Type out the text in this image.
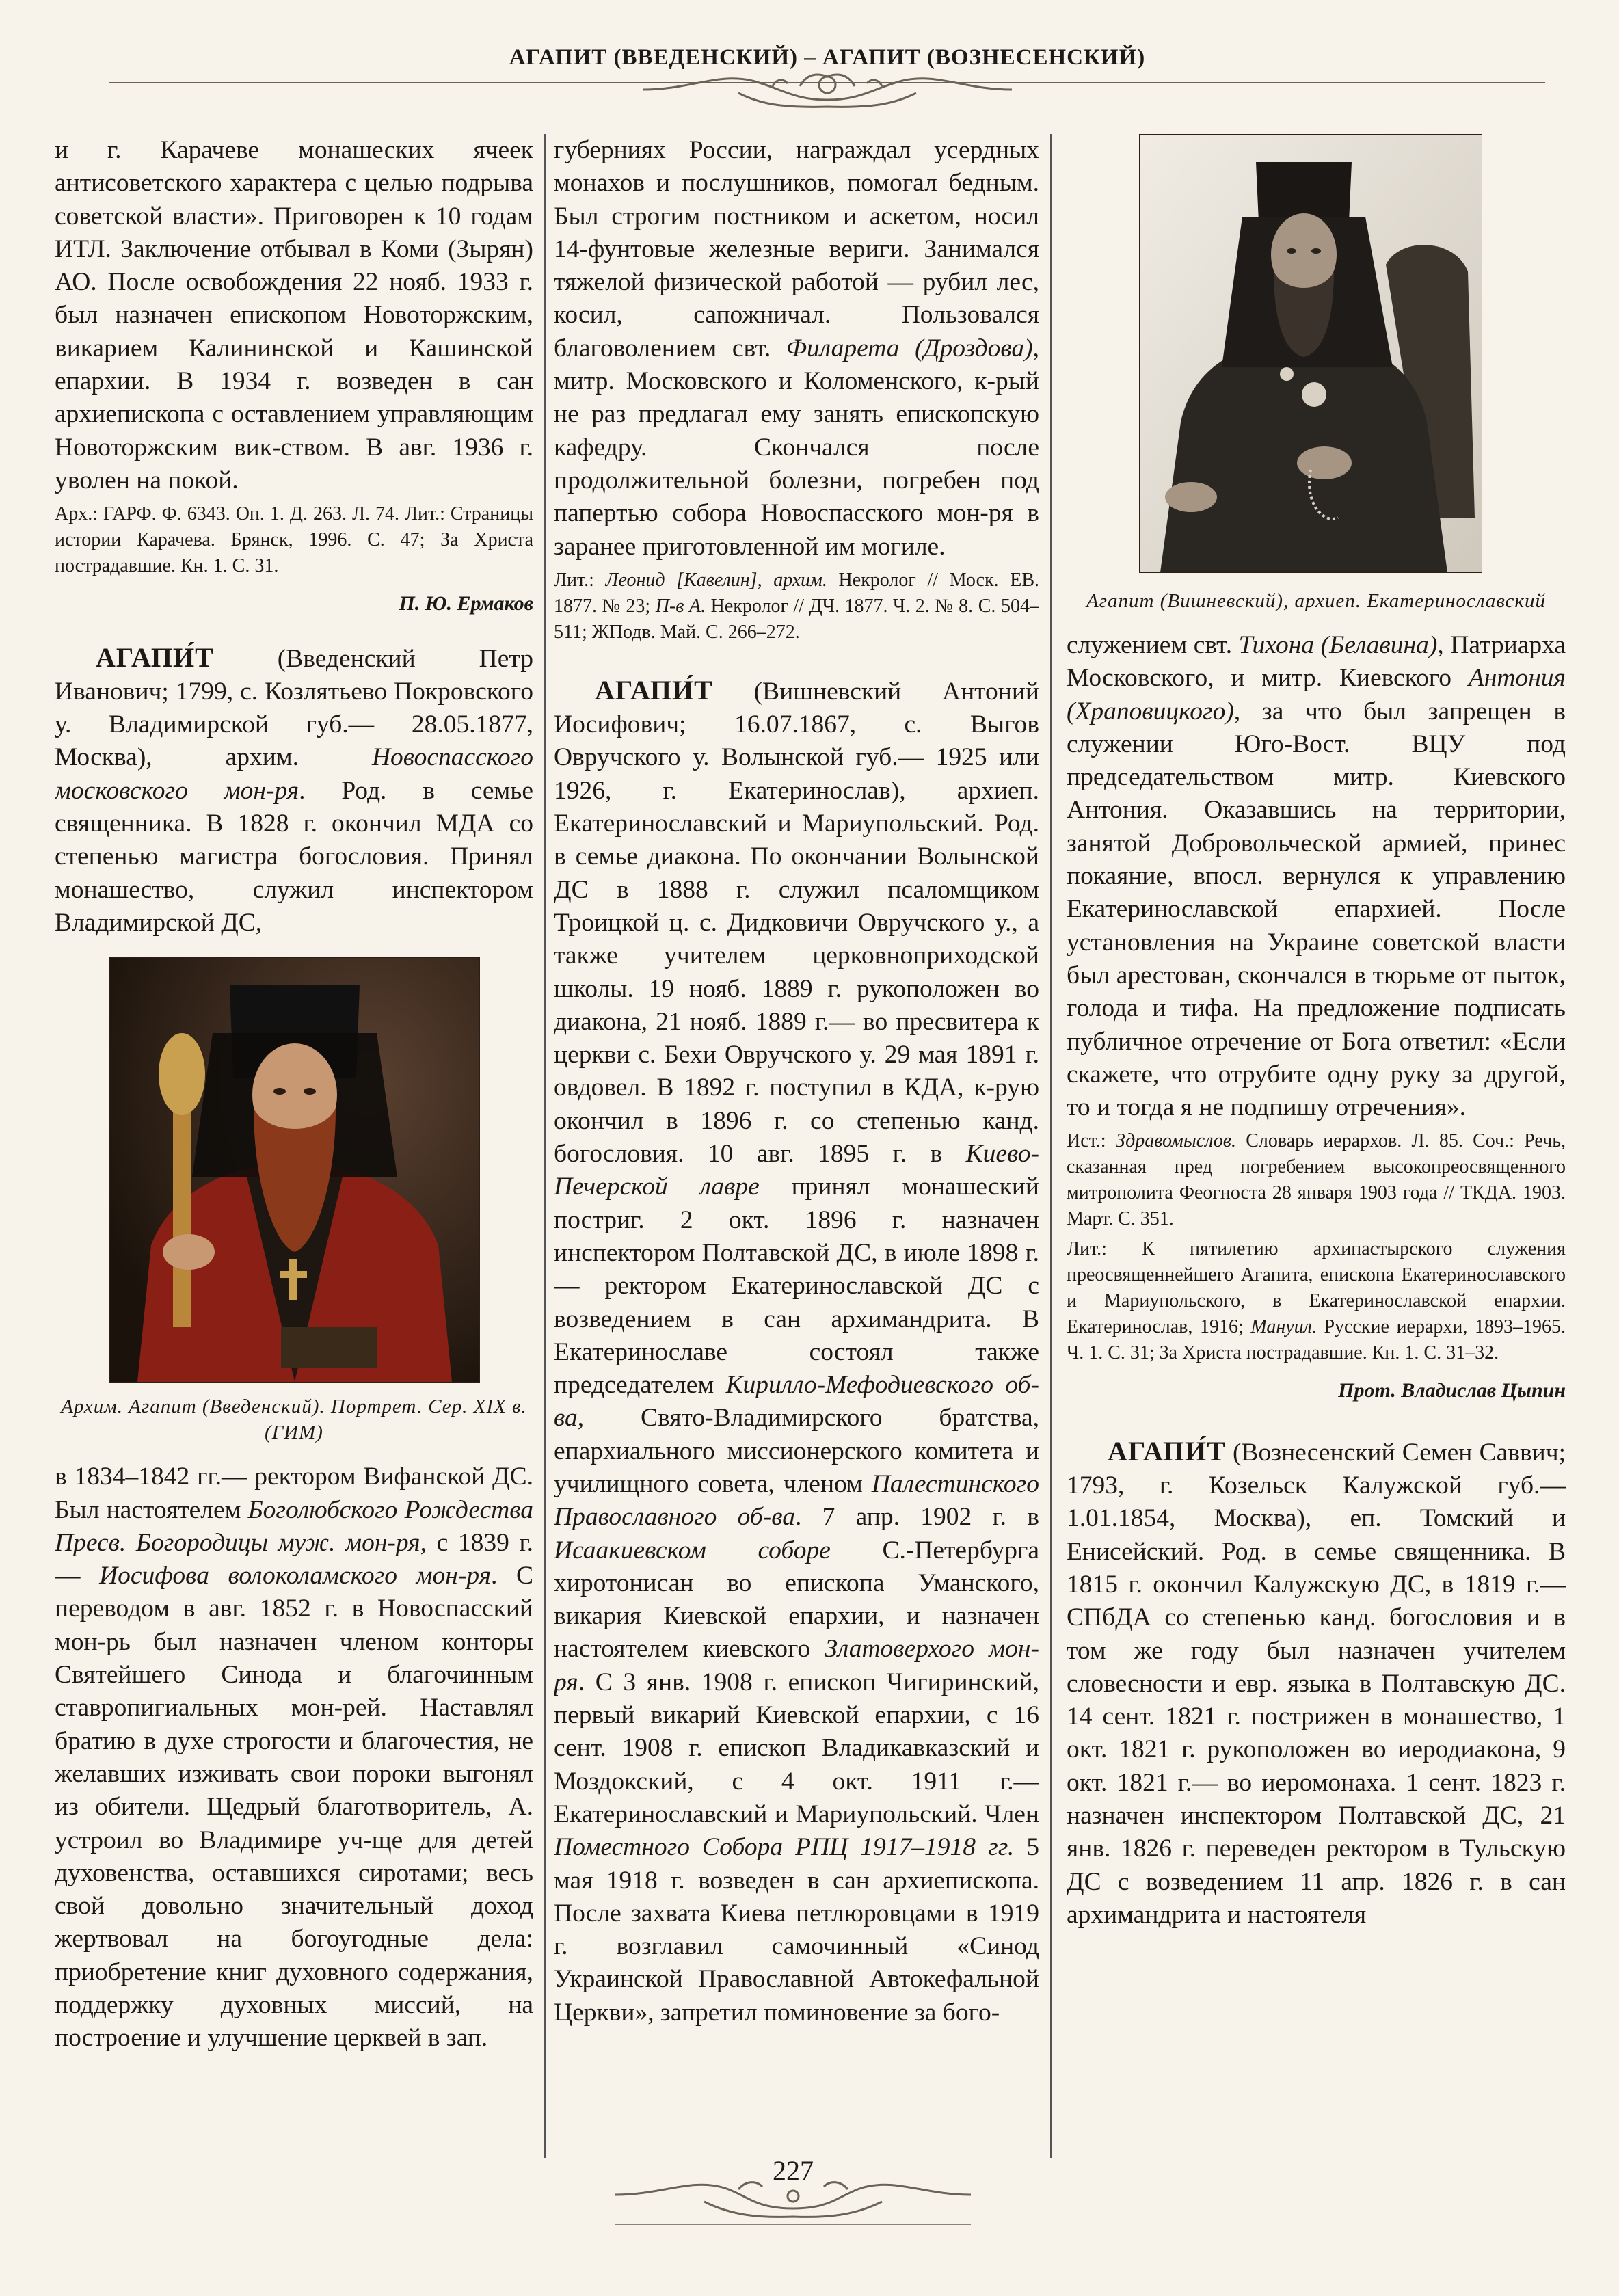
АГАПИТ (ВВЕДЕНСКИЙ) – АГАПИТ (ВОЗНЕСЕНСКИЙ)

и г. Карачеве монашеских ячеек антисоветского характера с целью подрыва советской власти». Приговорен к 10 годам ИТЛ. Заключение отбывал в Коми (Зырян) АО. После освобождения 22 нояб. 1933 г. был назначен епископом Новоторжским, викарием Калининской и Кашинской епархии. В 1934 г. возведен в сан архиепископа с оставлением управляющим Новоторжским вик-ством. В авг. 1936 г. уволен на покой.

Арх.: ГАРФ. Ф. 6343. Оп. 1. Д. 263. Л. 74. Лит.: Страницы истории Карачева. Брянск, 1996. С. 47; За Христа пострадавшие. Кн. 1. С. 31.

П. Ю. Ермаков

АГАПИ́Т (Введенский Петр Иванович; 1799, с. Козлятьево Покровского у. Владимирской губ.— 28.05.1877, Москва), архим. Новоспасского московского мон-ря. Род. в семье священника. В 1828 г. окончил МДА со степенью магистра богословия. Принял монашество, служил инспектором Владимирской ДС,

Архим. Агапит (Введенский). Портрет. Сер. XIX в. (ГИМ)

в 1834–1842 гг.— ректором Вифанской ДС. Был настоятелем Боголюбского Рождества Пресв. Богородицы муж. мон-ря, с 1839 г.— Иосифова волоколамского мон-ря. С переводом в авг. 1852 г. в Новоспасский мон-рь был назначен членом конторы Святейшего Синода и благочинным ставропигиальных мон-рей. Наставлял братию в духе строгости и благочестия, не желавших изживать свои пороки выгонял из обители. Щедрый благотворитель, А. устроил во Владимире уч-ще для детей духовенства, оставшихся сиротами; весь свой довольно значительный доход жертвовал на богоугодные дела: приобретение книг духовного содержания, поддержку духовных миссий, на построение и улучшение церквей в зап.

губерниях России, награждал усердных монахов и послушников, помогал бедным. Был строгим постником и аскетом, носил 14-фунтовые железные вериги. Занимался тяжелой физической работой — рубил лес, косил, сапожничал. Пользовался благоволением свт. Филарета (Дроздова), митр. Московского и Коломенского, к-рый не раз предлагал ему занять епископскую кафедру. Скончался после продолжительной болезни, погребен под папертью собора Новоспасского мон-ря в заранее приготовленной им могиле.

Лит.: Леонид [Кавелин], архим. Некролог // Моск. ЕВ. 1877. № 23; П-в А. Некролог // ДЧ. 1877. Ч. 2. № 8. С. 504–511; ЖПодв. Май. С. 266–272.

АГАПИ́Т (Вишневский Антоний Иосифович; 16.07.1867, с. Выгов Овручского у. Волынской губ.— 1925 или 1926, г. Екатеринослав), архиеп. Екатеринославский и Мариупольский. Род. в семье диакона. По окончании Волынской ДС в 1888 г. служил псаломщиком Троицкой ц. с. Дидковичи Овручского у., а также учителем церковноприходской школы. 19 нояб. 1889 г. рукоположен во диакона, 21 нояб. 1889 г.— во пресвитера к церкви с. Бехи Овручского у. 29 мая 1891 г. овдовел. В 1892 г. поступил в КДА, к-рую окончил в 1896 г. со степенью канд. богословия. 10 авг. 1895 г. в Киево-Печерской лавре принял монашеский постриг. 2 окт. 1896 г. назначен инспектором Полтавской ДС, в июле 1898 г.— ректором Екатеринославской ДС с возведением в сан архимандрита. В Екатеринославе состоял также председателем Кирилло-Мефодиевского об-ва, Свято-Владимирского братства, епархиального миссионерского комитета и училищного совета, членом Палестинского Православного об-ва. 7 апр. 1902 г. в Исаакиевском соборе С.-Петербурга хиротонисан во епископа Уманского, викария Киевской епархии, и назначен настоятелем киевского Златоверхого мон-ря. С 3 янв. 1908 г. епископ Чигиринский, первый викарий Киевской епархии, с 16 сент. 1908 г. епископ Владикавказский и Моздокский, с 4 окт. 1911 г.— Екатеринославский и Мариупольский. Член Поместного Собора РПЦ 1917–1918 гг. 5 мая 1918 г. возведен в сан архиепископа. После захвата Киева петлюровцами в 1919 г. возглавил самочинный «Синод Украинской Православной Автокефальной Церкви», запретил поминовение за бого-

Агапит (Вишневский), архиеп. Екатеринославский

служением свт. Тихона (Белавина), Патриарха Московского, и митр. Киевского Антония (Храповицкого), за что был запрещен в служении Юго-Вост. ВЦУ под председательством митр. Киевского Антония. Оказавшись на территории, занятой Добровольческой армией, принес покаяние, впосл. вернулся к управлению Екатеринославской епархией. После установления на Украине советской власти был арестован, скончался в тюрьме от пыток, голода и тифа. На предложение подписать публичное отречение от Бога ответил: «Если скажете, что отрубите одну руку за другой, то и тогда я не подпишу отречения».

Ист.: Здравомыслов. Словарь иерархов. Л. 85. Соч.: Речь, сказанная пред погребением высокопреосвященного митрополита Феогноста 28 января 1903 года // ТКДА. 1903. Март. С. 351.

Лит.: К пятилетию архипастырского служения преосвященнейшего Агапита, епископа Екатеринославского и Мариупольского, в Екатеринославской епархии. Екатеринослав, 1916; Мануил. Русские иерархи, 1893–1965. Ч. 1. С. 31; За Христа пострадавшие. Кн. 1. С. 31–32.

Прот. Владислав Цыпин

АГАПИ́Т (Вознесенский Семен Саввич; 1793, г. Козельск Калужской губ.— 1.01.1854, Москва), еп. Томский и Енисейский. Род. в семье священника. В 1815 г. окончил Калужскую ДС, в 1819 г.— СПбДА со степенью канд. богословия и в том же году был назначен учителем словесности и евр. языка в Полтавскую ДС. 14 сент. 1821 г. пострижен в монашество, 1 окт. 1821 г. рукоположен во иеродиакона, 9 окт. 1821 г.— во иеромонаха. 1 сент. 1823 г. назначен инспектором Полтавской ДС, 21 янв. 1826 г. переведен ректором в Тульскую ДС с возведением 11 апр. 1826 г. в сан архимандрита и настоятеля

227
